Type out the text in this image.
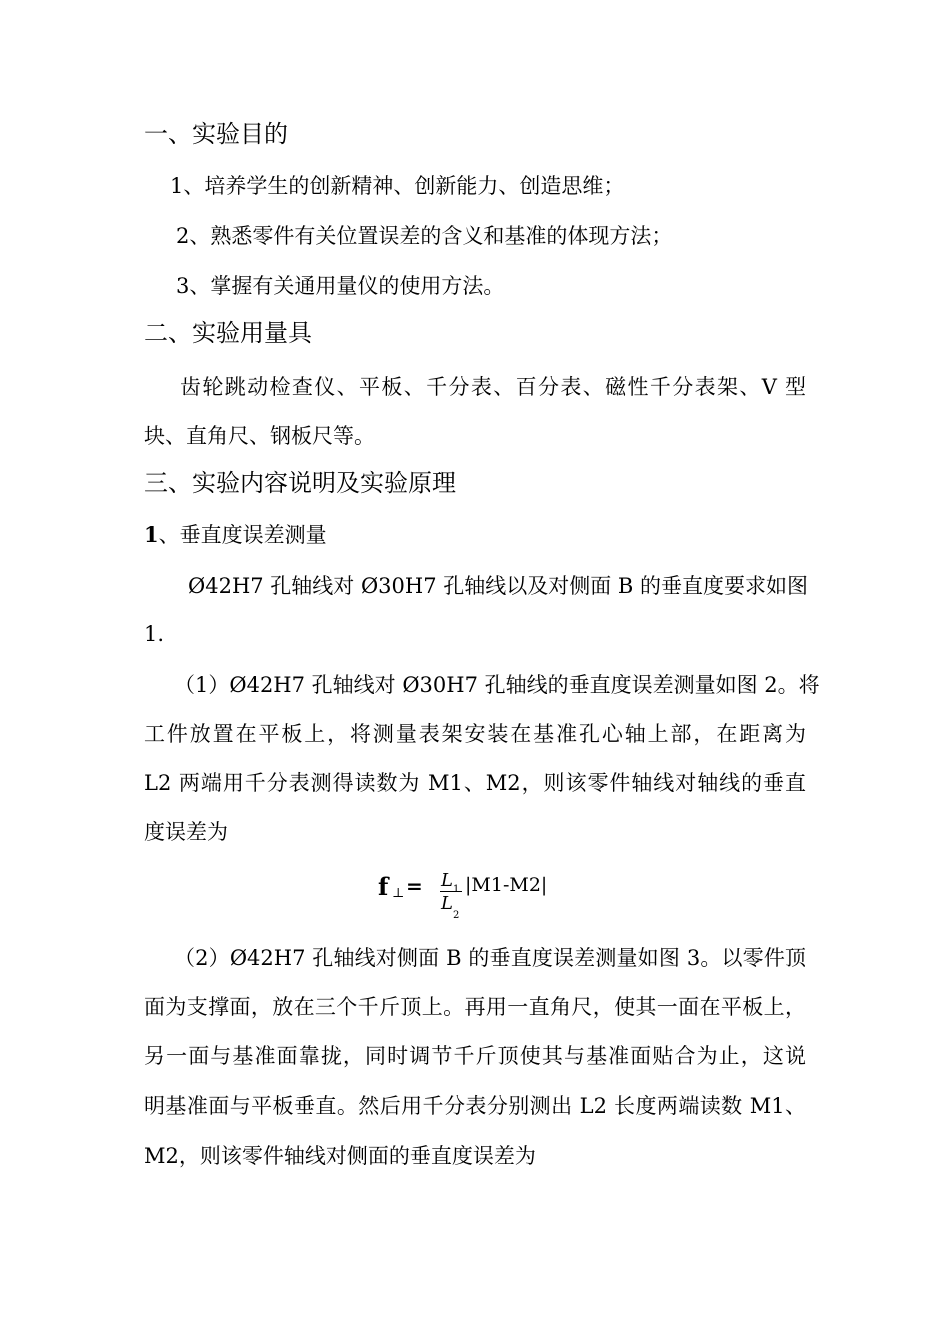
一、实验目的
1、培养学生的创新精神、创新能力、创造思维；
2、熟悉零件有关位置误差的含义和基准的体现方法；
3、掌握有关通用量仪的使用方法。
二、实验用量具
齿轮跳动检查仪、平板、千分表、百分表、磁性千分表架、V 型
块、直角尺、钢板尺等。
三、实验内容说明及实验原理
1、垂直度误差测量
Ø42H7 孔轴线对 Ø30H7 孔轴线以及对侧面 B 的垂直度要求如图
1.
（1）Ø42H7 孔轴线对 Ø30H7 孔轴线的垂直度误差测量如图 2。将
工件放置在平板上，将测量表架安装在基准孔心轴上部，在距离为
L2 两端用千分表测得读数为 M1、M2，则该零件轴线对轴线的垂直
度误差为
f ⊥ = L 1
L
2
|M1-M2|
（2）Ø42H7 孔轴线对侧面 B 的垂直度误差测量如图 3。以零件顶
面为支撑面，放在三个千斤顶上。再用一直角尺，使其一面在平板上，
另一面与基准面靠拢，同时调节千斤顶使其与基准面贴合为止，这说
明基准面与平板垂直。然后用千分表分别测出 L2 长度两端读数 M1、
M2，则该零件轴线对侧面的垂直度误差为
